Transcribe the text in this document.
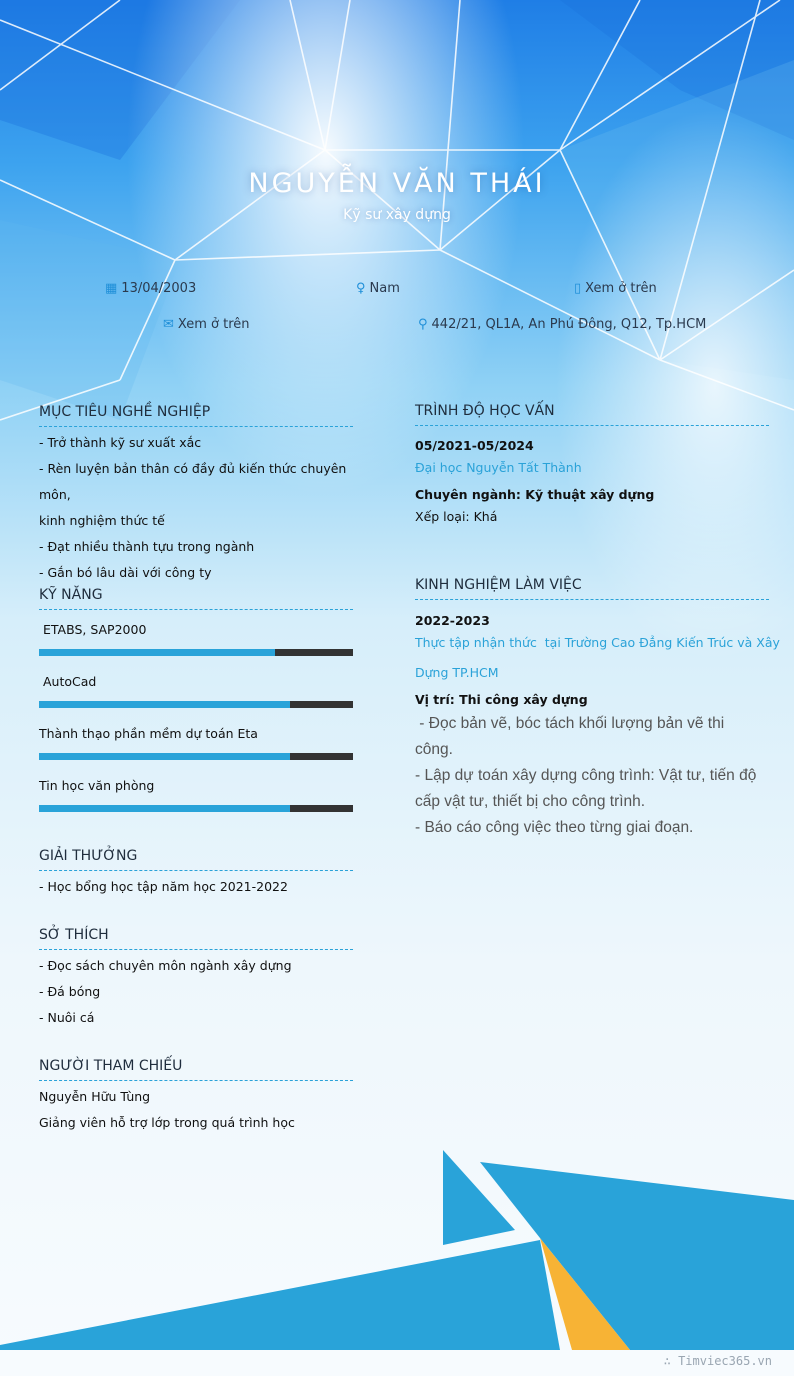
NGUYỄN VĂN THÁI
Kỹ sư xây dựng
▦ 13/04/2003	♀ Nam	▯ Xem ở trên
✉ Xem ở trên	⚲ 442/21, QL1A, An Phú Đông, Q12, Tp.HCM
MỤC TIÊU NGHỀ NGHIỆP
- Trở thành kỹ sư xuất xắc
- Rèn luyện bản thân có đầy đủ kiến thức chuyên môn,
kinh nghiệm thức tế
- Đạt nhiều thành tựu trong ngành
- Gắn bó lâu dài với công ty
KỸ NĂNG
ETABS, SAP2000
AutoCad
Thành thạo phần mềm dự toán Eta
Tin học văn phòng
GIẢI THƯỞNG
- Học bổng học tập năm học 2021-2022
SỞ THÍCH
- Đọc sách chuyên môn ngành xây dựng
- Đá bóng
- Nuôi cá
NGƯỜI THAM CHIẾU
Nguyễn Hữu Tùng
Giảng viên hỗ trợ lớp trong quá trình học
TRÌNH ĐỘ HỌC VẤN
05/2021-05/2024
Đại học Nguyễn Tất Thành
Chuyên ngành: Kỹ thuật xây dựng
Xếp loại: Khá
KINH NGHIỆM LÀM VIỆC
2022-2023
Thực tập nhận thức  tại Trường Cao Đẳng Kiến Trúc và Xây
Dựng TP.HCM
Vị trí: Thi công xây dựng
- Đọc bản vẽ, bóc tách khối lượng bản vẽ thi
công.
- Lập dự toán xây dựng công trình: Vật tư, tiến độ
cấp vật tư, thiết bị cho công trình.
- Báo cáo công việc theo từng giai đoạn.
∴ Timviec365.vn
